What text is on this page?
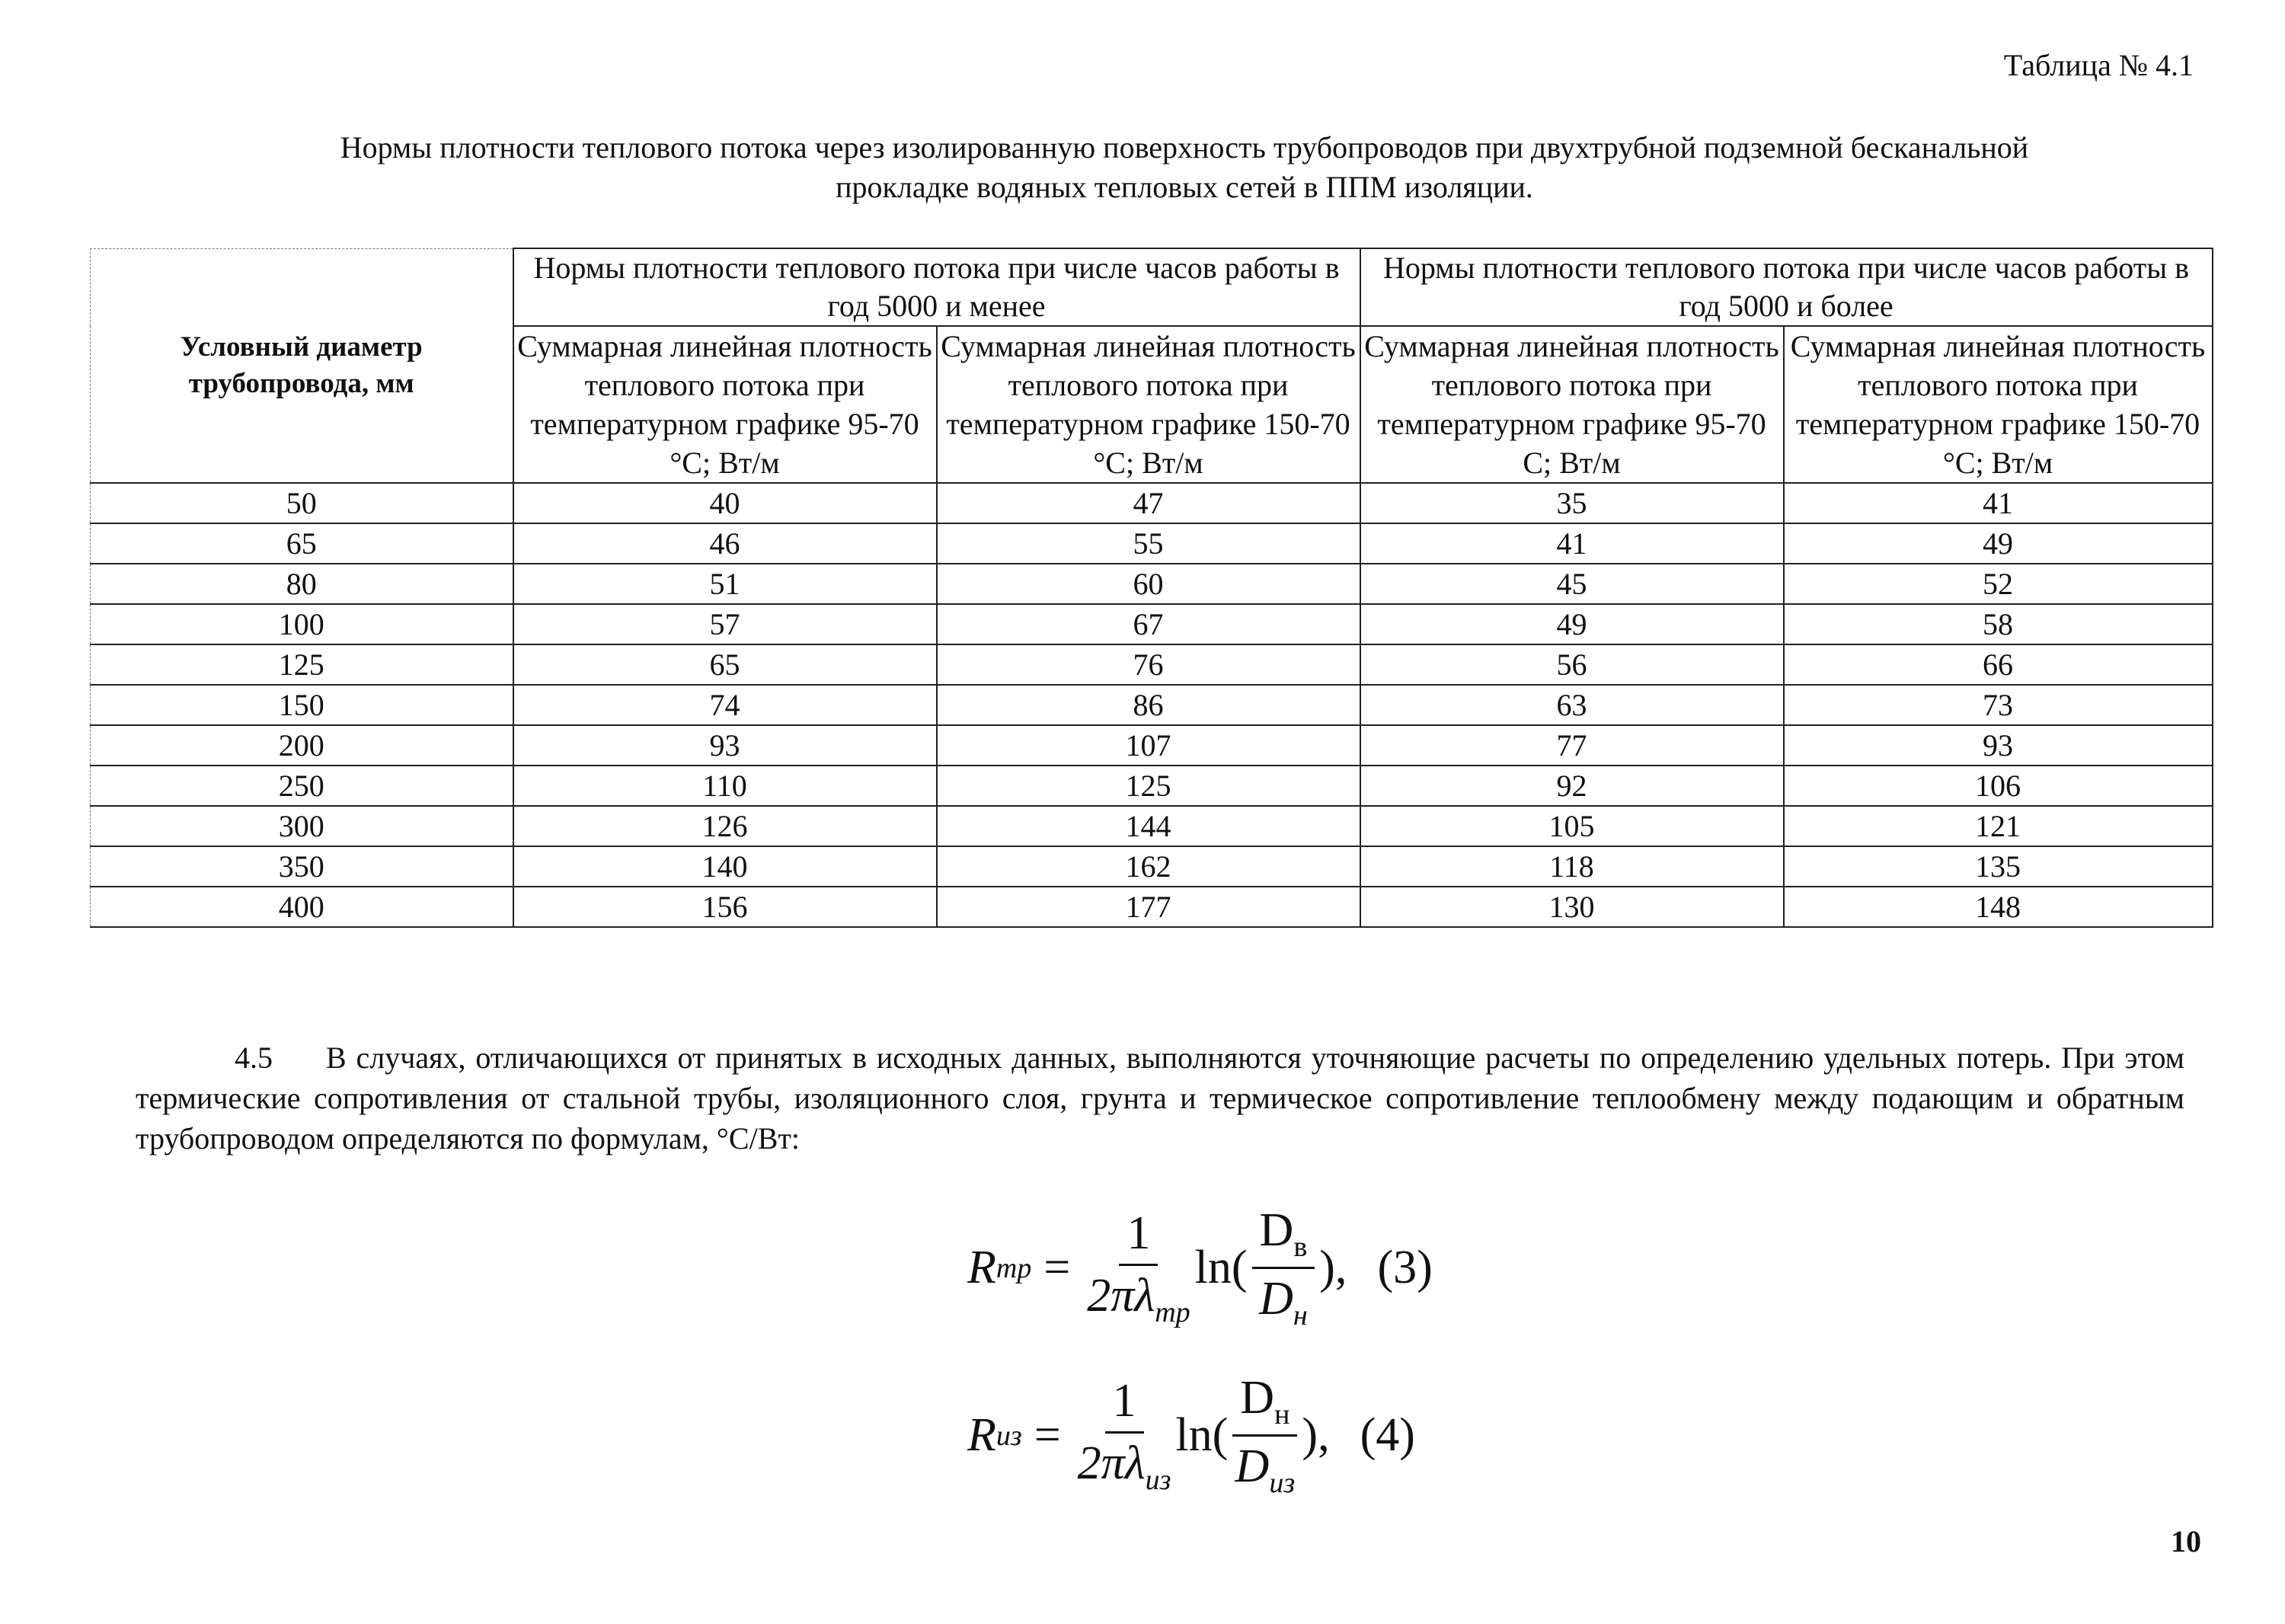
Таблица № 4.1
Нормы плотности теплового потока через изолированную поверхность трубопроводов при двухтрубной подземной бесканальной
прокладке водяных тепловых сетей в ППМ изоляции.
Условный диаметр трубопровода, мм	Нормы плотности теплового потока при числе часов работы в год 5000 и менее		Нормы плотности теплового потока при числе часов работы в год 5000 и более	
	Суммарная линейная плотность теплового потока при температурном графике 95-70 °С; Вт/м	Суммарная линейная плотность теплового потока при температурном графике 150-70 °С; Вт/м	Суммарная линейная плотность теплового потока при температурном графике 95-70 С; Вт/м	Суммарная линейная плотность теплового потока при температурном графике 150-70 °С; Вт/м
50	40	47	35	41
65	46	55	41	49
80	51	60	45	52
100	57	67	49	58
125	65	76	56	66
150	74	86	63	73
200	93	107	77	93
250	110	125	92	106
300	126	144	105	121
350	140	162	118	135
400	156	177	130	148
4.5 В случаях, отличающихся от принятых в исходных данных, выполняются уточняющие расчеты по определению удельных потерь. При этом термические сопротивления от стальной трубы, изоляционного слоя, грунта и термическое сопротивление теплообмену между подающим и обратным трубопроводом определяются по формулам, °С/Вт:
R тр = $\frac{1}{2\pi\lambda_{тр}} \ln( \frac{D_в}{D_н}$ ), (3)
R из = $\frac{1}{2\pi\lambda_{из}} \ln( \frac{D_н}{D_{из}}$ ), (4)
10
